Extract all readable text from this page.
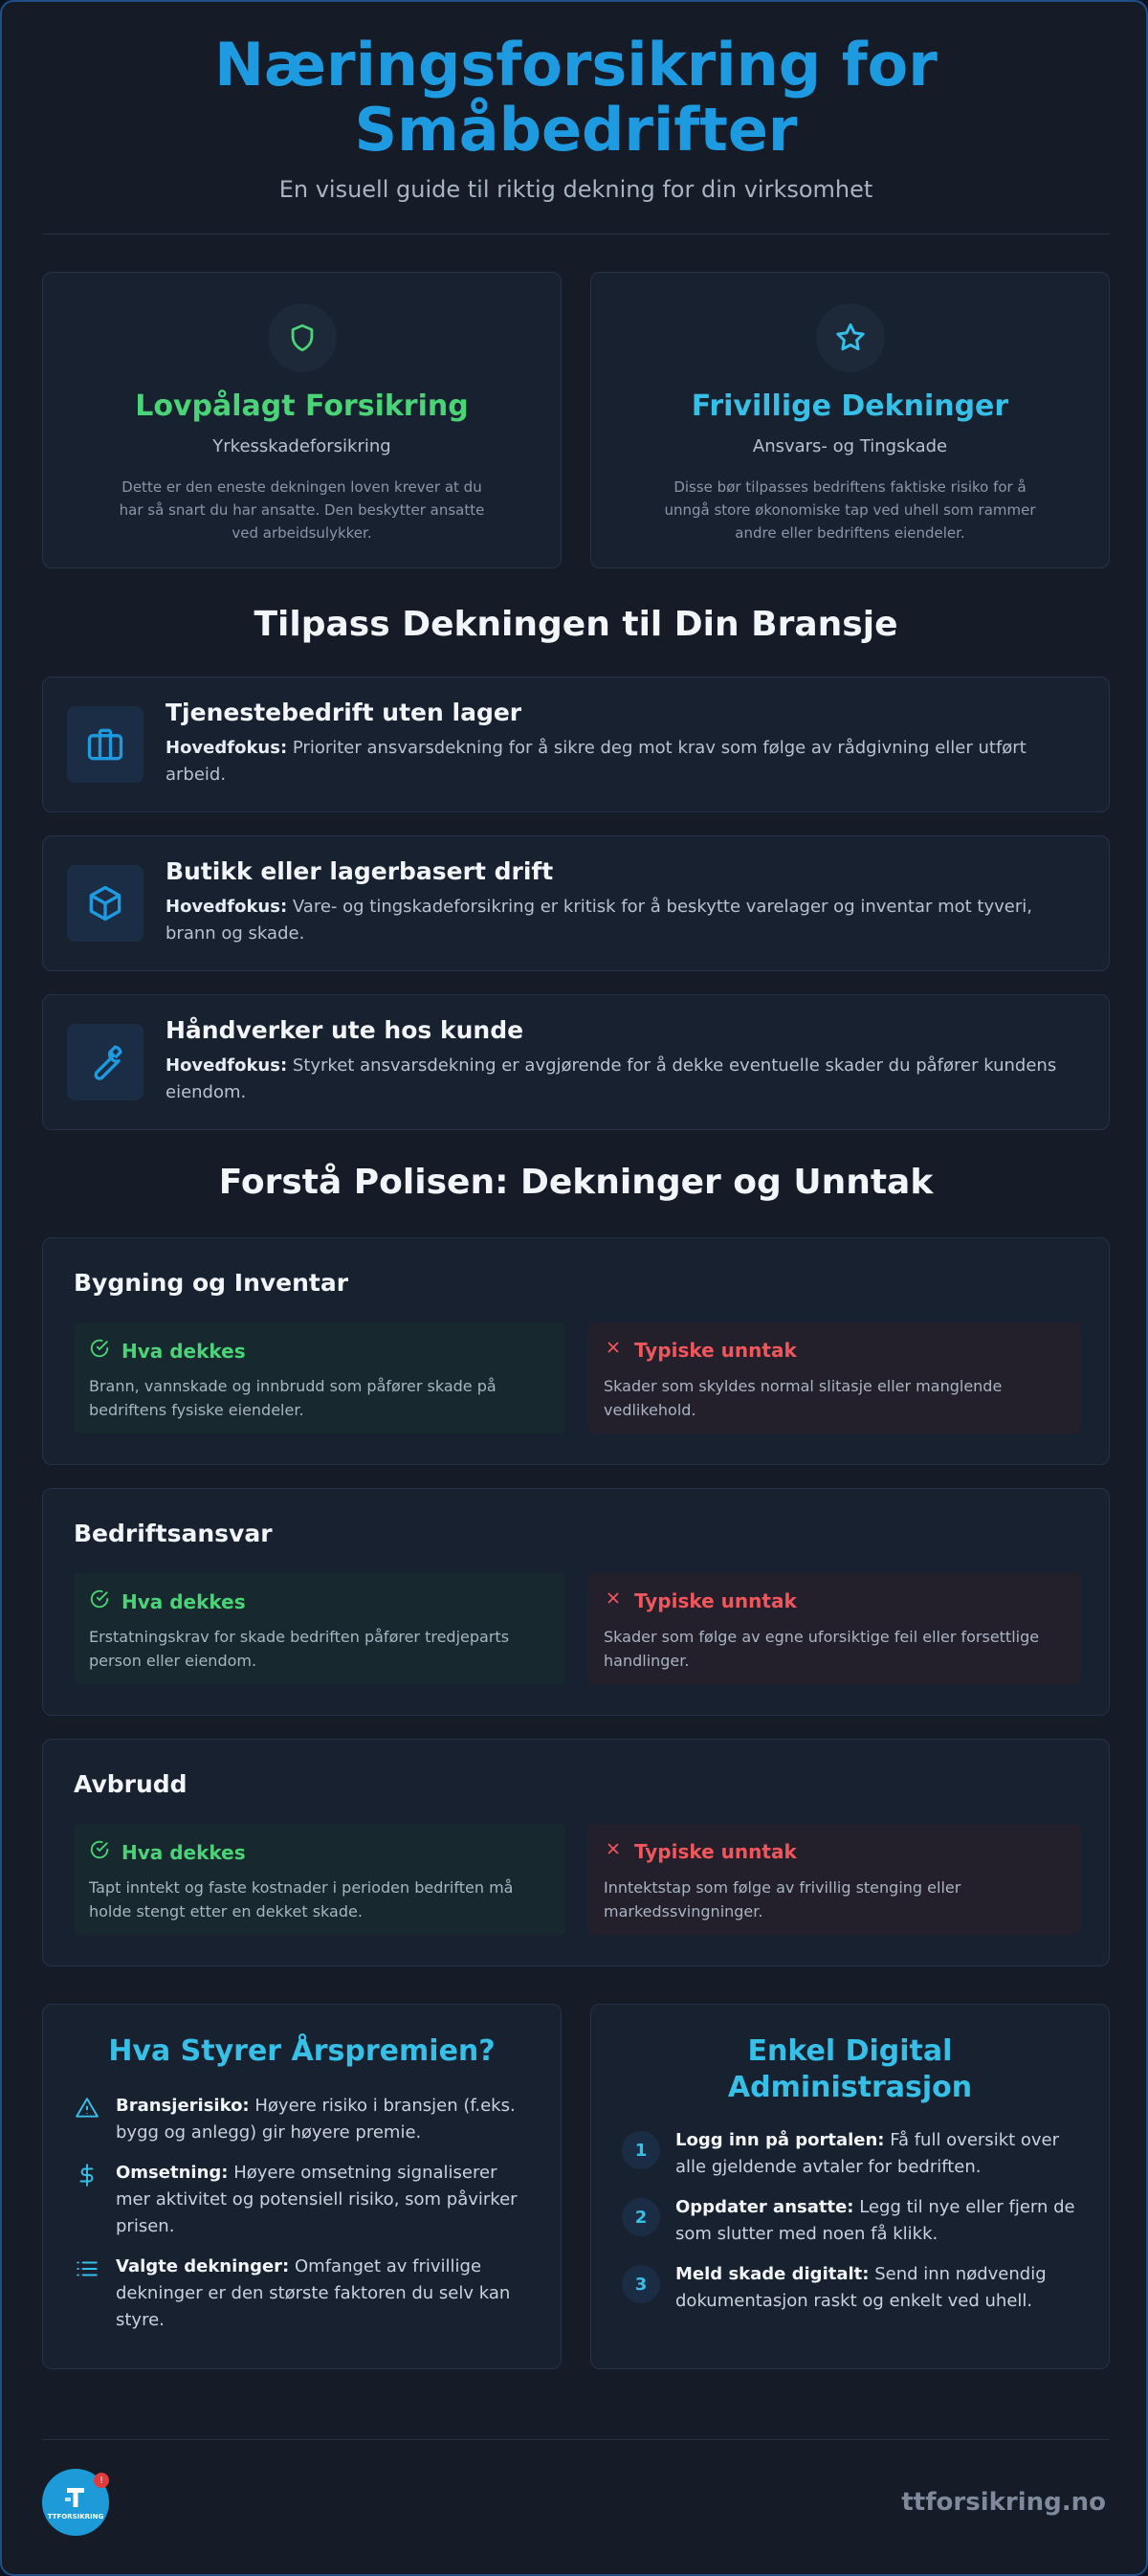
Næringsforsikring for
Småbedrifter
En visuell guide til riktig dekning for din virksomhet
Lovpålagt Forsikring
Yrkesskadeforsikring
Dette er den eneste dekningen loven krever at du har så snart du har ansatte. Den beskytter ansatte ved arbeidsulykker.
Frivillige Dekninger
Ansvars- og Tingskade
Disse bør tilpasses bedriftens faktiske risiko for å unngå store økonomiske tap ved uhell som rammer andre eller bedriftens eiendeler.
Tilpass Dekningen til Din Bransje
Tjenestebedrift uten lager
Hovedfokus: Prioriter ansvarsdekning for å sikre deg mot krav som følge av rådgivning eller utført arbeid.
Butikk eller lagerbasert drift
Hovedfokus: Vare- og tingskadeforsikring er kritisk for å beskytte varelager og inventar mot tyveri, brann og skade.
Håndverker ute hos kunde
Hovedfokus: Styrket ansvarsdekning er avgjørende for å dekke eventuelle skader du påfører kundens eiendom.
Forstå Polisen: Dekninger og Unntak
Bygning og Inventar
Hva dekkes
Brann, vannskade og innbrudd som påfører skade på bedriftens fysiske eiendeler.
Typiske unntak
Skader som skyldes normal slitasje eller manglende vedlikehold.
Bedriftsansvar
Hva dekkes
Erstatningskrav for skade bedriften påfører tredjeparts person eller eiendom.
Typiske unntak
Skader som følge av egne uforsiktige feil eller forsettlige handlinger.
Avbrudd
Hva dekkes
Tapt inntekt og faste kostnader i perioden bedriften må holde stengt etter en dekket skade.
Typiske unntak
Inntektstap som følge av frivillig stenging eller markedssvingninger.
Hva Styrer Årspremien?
Bransjerisiko: Høyere risiko i bransjen (f.eks. bygg og anlegg) gir høyere premie.
Omsetning: Høyere omsetning signaliserer mer aktivitet og potensiell risiko, som påvirker prisen.
Valgte dekninger: Omfanget av frivillige dekninger er den største faktoren du selv kan styre.
Enkel Digital
Administrasjon
1	Logg inn på portalen: Få full oversikt over alle gjeldende avtaler for bedriften.
2	Oppdater ansatte: Legg til nye eller fjern de som slutter med noen få klikk.
3	Meld skade digitalt: Send inn nødvendig dokumentasjon raskt og enkelt ved uhell.
TTFORSIKRING
!
ttforsikring.no
